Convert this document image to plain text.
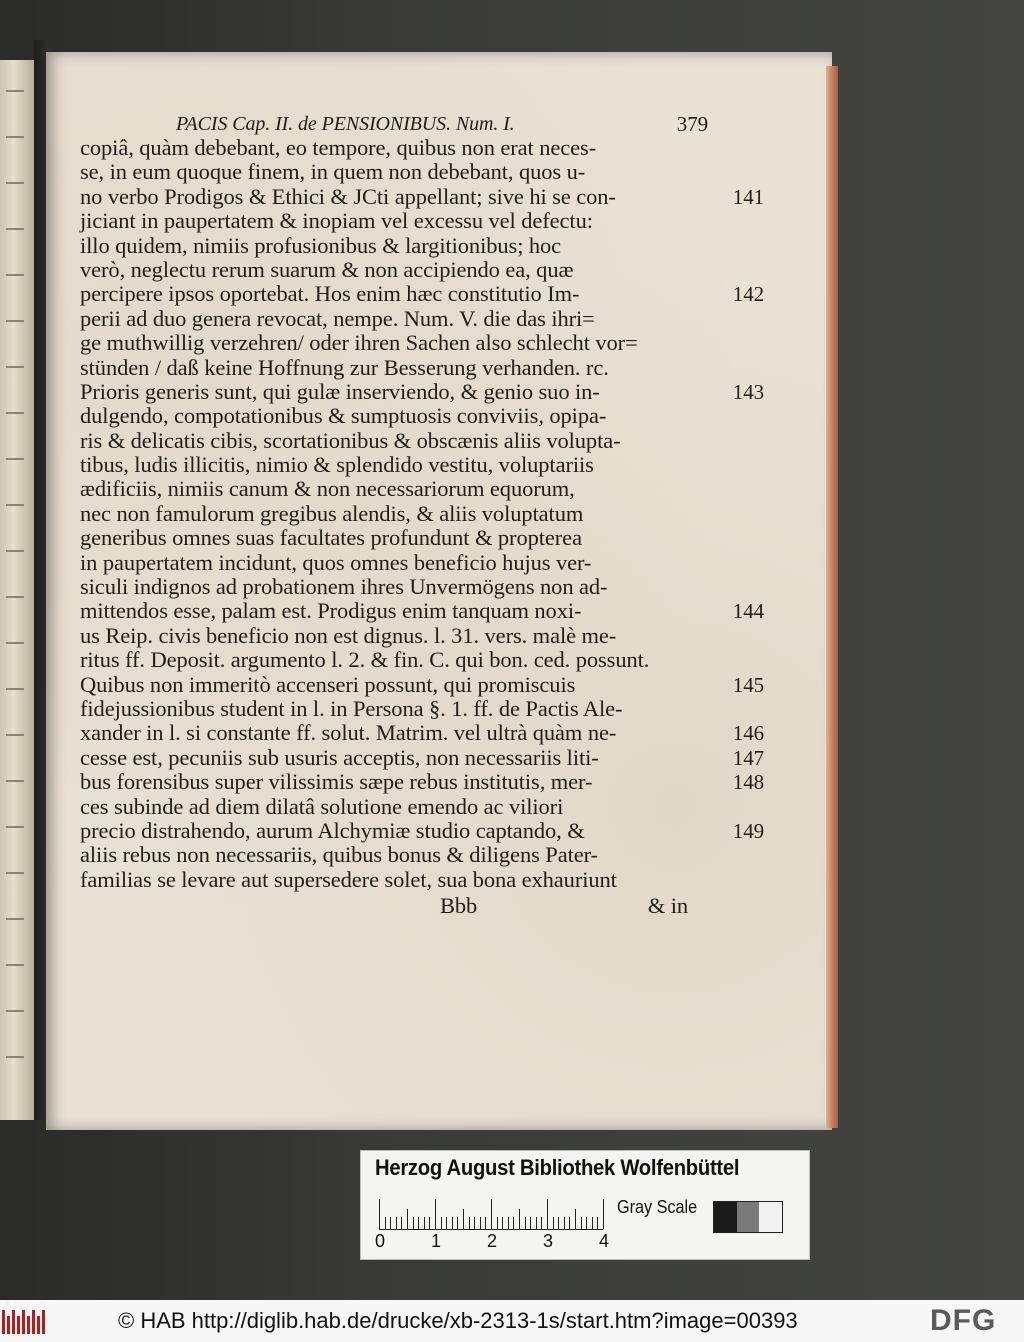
PACIS Cap. II. de PENSIONIBUS. Num. I.	379
copiâ, quàm debebant, eo tempore, quibus non erat neces-
se, in eum quoque finem, in quem non debebant, quos u-
no verbo Prodigos & Ethici & JCti appellant; sive hi se con-	141
jiciant in paupertatem & inopiam vel excessu vel defectu:
illo quidem, nimiis profusionibus & largitionibus; hoc
verò, neglectu rerum suarum & non accipiendo ea, quæ
percipere ipsos oportebat. Hos enim hæc constitutio Im-	142
perii ad duo genera revocat, nempe. Num. V. die das ihri=
ge muthwillig verzehren/ oder ihren Sachen also schlecht vor=
stünden / daß keine Hoffnung zur Besserung verhanden. rc.
Prioris generis sunt, qui gulæ inserviendo, & genio suo in-	143
dulgendo, compotationibus & sumptuosis conviviis, opipa-
ris & delicatis cibis, scortationibus & obscænis aliis volupta-
tibus, ludis illicitis, nimio & splendido vestitu, voluptariis
ædificiis, nimiis canum & non necessariorum equorum,
nec non famulorum gregibus alendis, & aliis voluptatum
generibus omnes suas facultates profundunt & propterea
in paupertatem incidunt, quos omnes beneficio hujus ver-
siculi indignos ad probationem ihres Unvermögens non ad-
mittendos esse, palam est. Prodigus enim tanquam noxi-	144
us Reip. civis beneficio non est dignus. l. 31. vers. malè me-
ritus ff. Deposit. argumento l. 2. & fin. C. qui bon. ced. possunt.
Quibus non immeritò accenseri possunt, qui promiscuis	145
fidejussionibus student in l. in Persona §. 1. ff. de Pactis Ale-
xander in l. si constante ff. solut. Matrim. vel ultrà quàm ne-	146
cesse est, pecuniis sub usuris acceptis, non necessariis liti-	147
bus forensibus super vilissimis sæpe rebus institutis, mer-	148
ces subinde ad diem dilatâ solutione emendo ac viliori
precio distrahendo, aurum Alchymiæ studio captando, &	149
aliis rebus non necessariis, quibus bonus & diligens Pater-
familias se levare aut supersedere solet, sua bona exhauriunt
Bbb	& in
Herzog August Bibliothek Wolfenbüttel
0	1	2	3	4
Gray Scale
© HAB http://diglib.hab.de/drucke/xb-2313-1s/start.htm?image=00393	DFG
